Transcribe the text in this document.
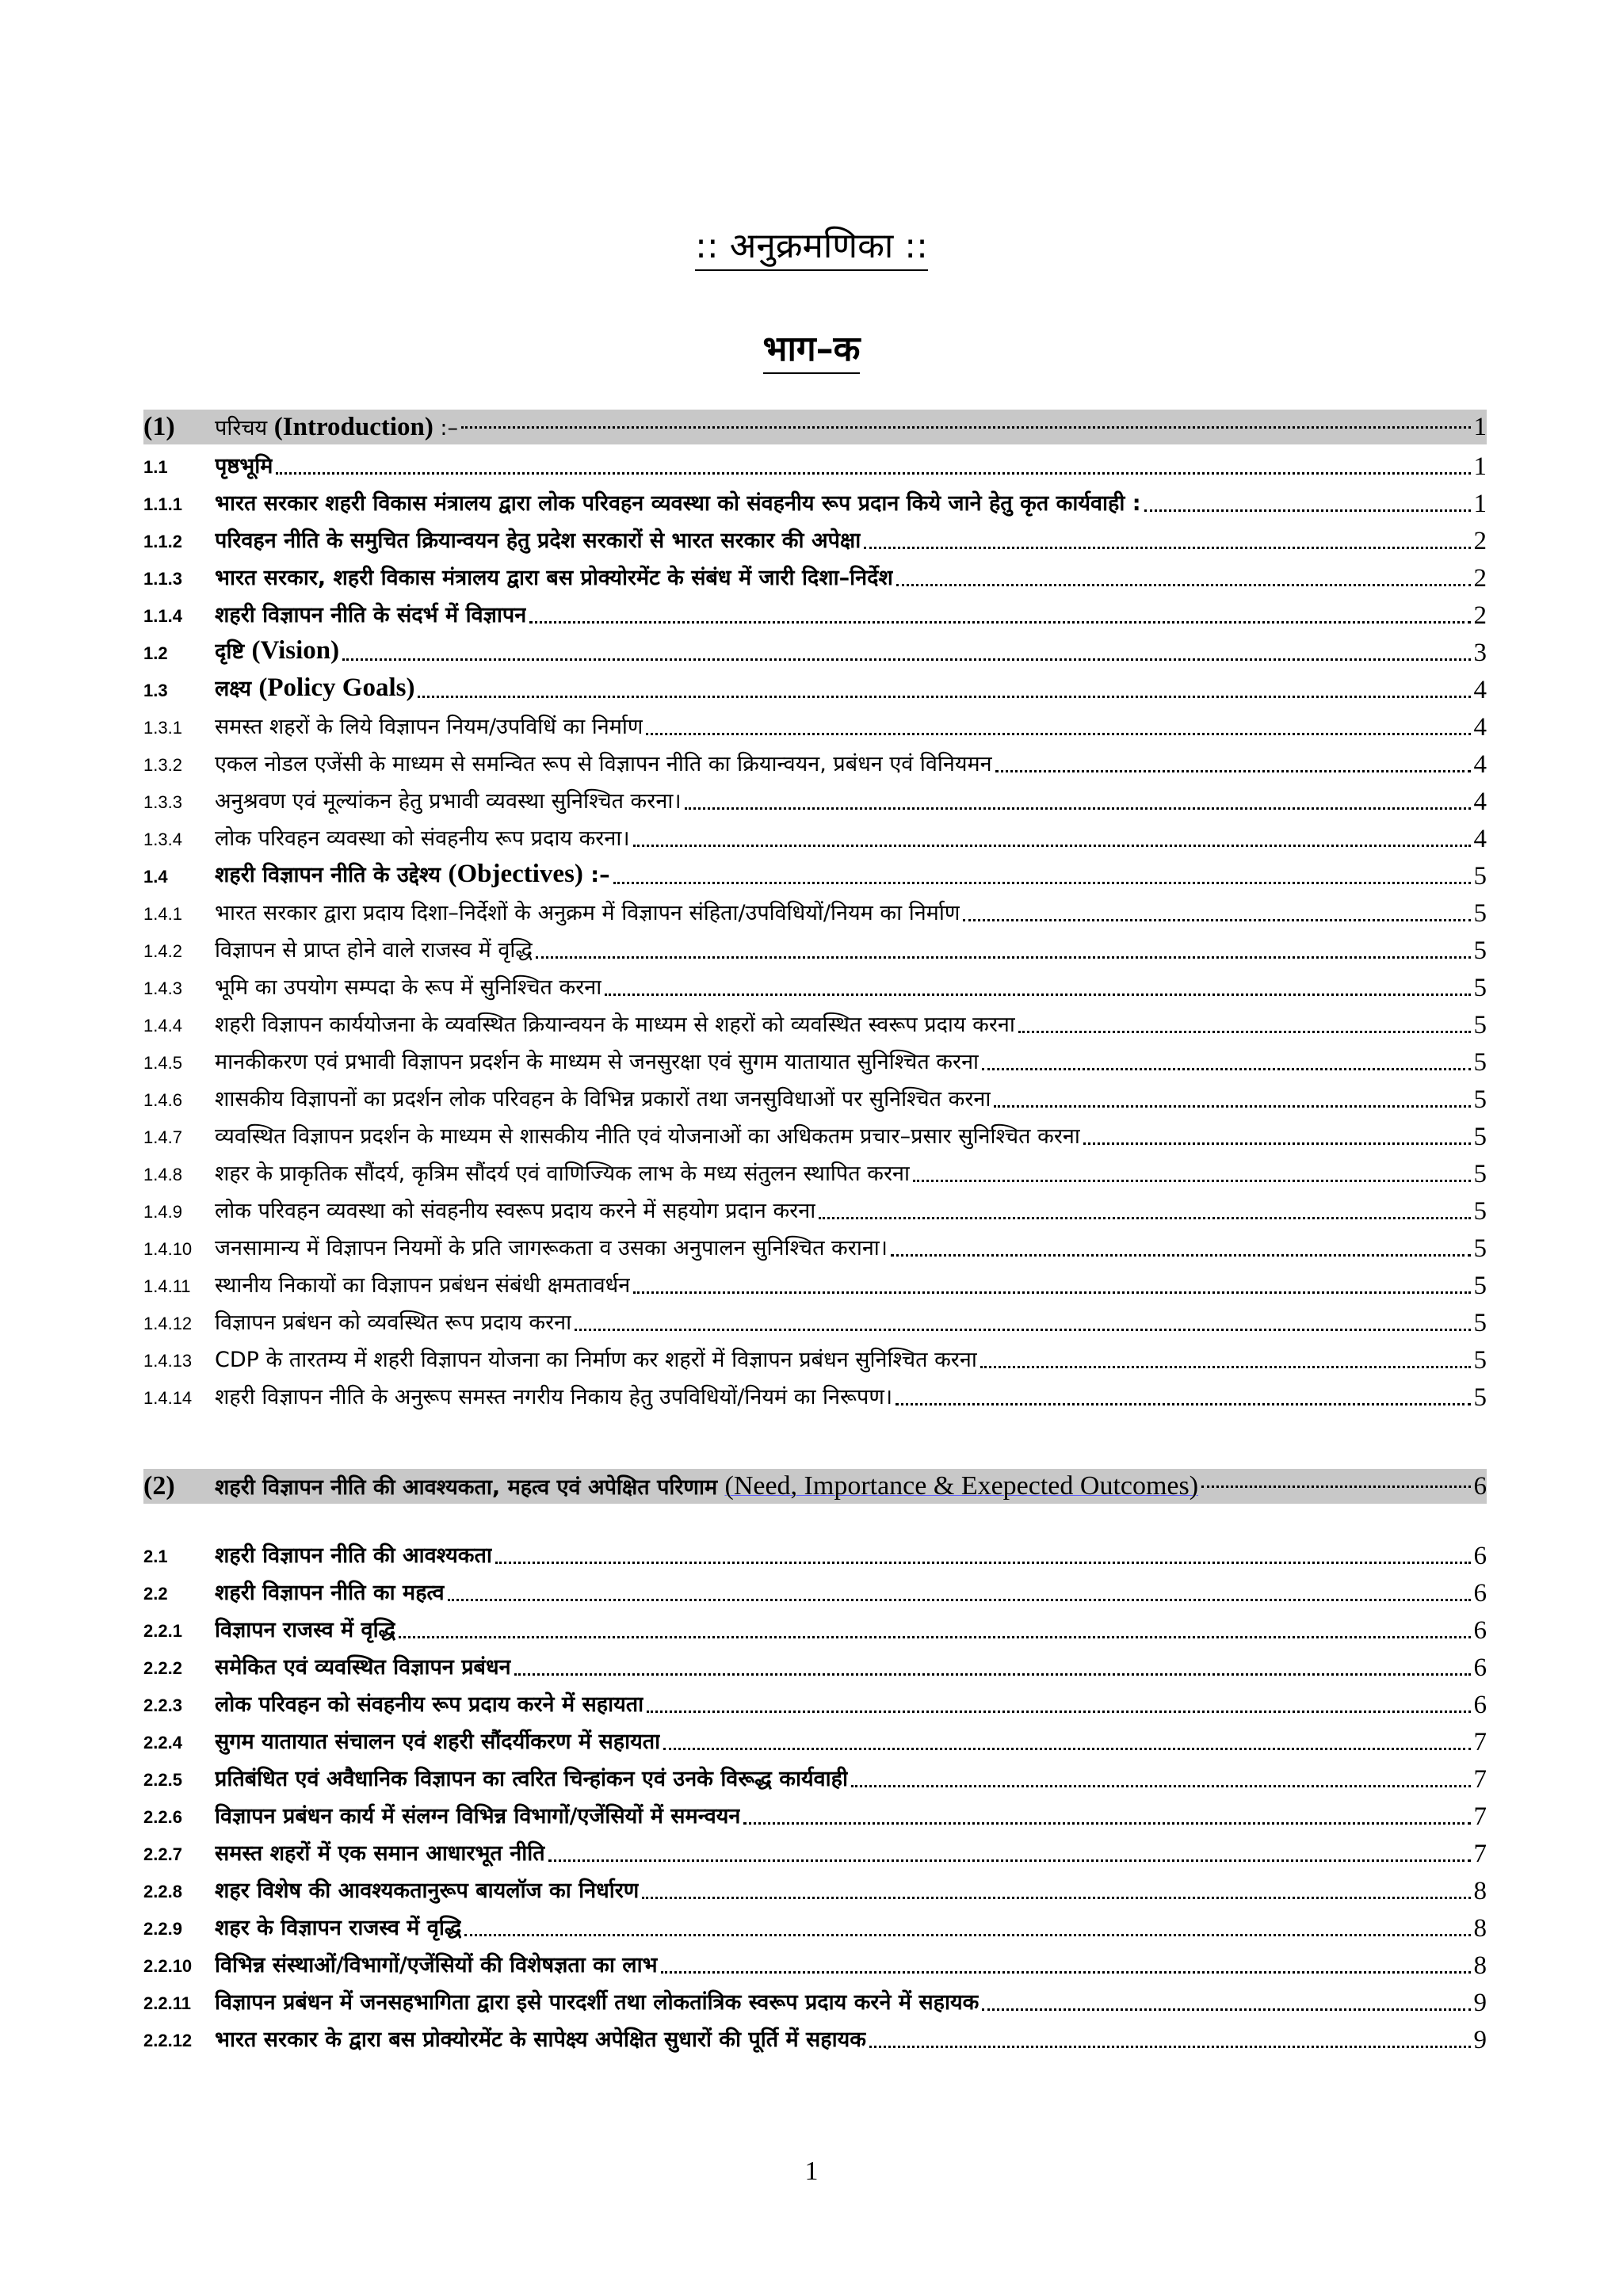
:: अनुक्रमणिका ::
भाग–क
(1)	परिचय (Introduction) :–	1
1.1	पृष्ठभूमि	1
1.1.1	भारत सरकार शहरी विकास मंत्रालय द्वारा लोक परिवहन व्यवस्था को संवहनीय रूप प्रदान किये जाने हेतु कृत कार्यवाही :	1
1.1.2	परिवहन नीति के समुचित क्रियान्वयन हेतु प्रदेश सरकारों से भारत सरकार की अपेक्षा	2
1.1.3	भारत सरकार, शहरी विकास मंत्रालय द्वारा बस प्रोक्योरमेंट के संबंध में जारी दिशा–निर्देश	2
1.1.4	शहरी विज्ञापन नीति के संदर्भ में विज्ञापन	2
1.2	दृष्टि (Vision)	3
1.3	लक्ष्य (Policy Goals)	4
1.3.1	समस्त शहरों के लिये विज्ञापन नियम/उपविधिं का निर्माण	4
1.3.2	एकल नोडल एजेंसी के माध्यम से समन्वित रूप से विज्ञापन नीति का क्रियान्वयन, प्रबंधन एवं विनियमन	4
1.3.3	अनुश्रवण एवं मूल्यांकन हेतु प्रभावी व्यवस्था सुनिश्चित करना।	4
1.3.4	लोक परिवहन व्यवस्था को संवहनीय रूप प्रदाय करना।	4
1.4	शहरी विज्ञापन नीति के उद्देश्य (Objectives) :–	5
1.4.1	भारत सरकार द्वारा प्रदाय दिशा–निर्देशों के अनुक्रम में विज्ञापन संहिता/उपविधियों/नियम का निर्माण	5
1.4.2	विज्ञापन से प्राप्त होने वाले राजस्व में वृद्धि	5
1.4.3	भूमि का उपयोग सम्पदा के रूप में सुनिश्चित करना	5
1.4.4	शहरी विज्ञापन कार्ययोजना के व्यवस्थित क्रियान्वयन के माध्यम से शहरों को व्यवस्थित स्वरूप प्रदाय करना	5
1.4.5	मानकीकरण एवं प्रभावी विज्ञापन प्रदर्शन के माध्यम से जनसुरक्षा एवं सुगम यातायात सुनिश्चित करना	5
1.4.6	शासकीय विज्ञापनों का प्रदर्शन लोक परिवहन के विभिन्न प्रकारों तथा जनसुविधाओं पर सुनिश्चित करना	5
1.4.7	व्यवस्थित विज्ञापन प्रदर्शन के माध्यम से शासकीय नीति एवं योजनाओं का अधिकतम प्रचार–प्रसार सुनिश्चित करना	5
1.4.8	शहर के प्राकृतिक सौंदर्य, कृत्रिम सौंदर्य एवं वाणिज्यिक लाभ के मध्य संतुलन स्थापित करना	5
1.4.9	लोक परिवहन व्यवस्था को संवहनीय स्वरूप प्रदाय करने में सहयोग प्रदान करना	5
1.4.10	जनसामान्य में विज्ञापन नियमों के प्रति जागरूकता व उसका अनुपालन सुनिश्चित कराना।	5
1.4.11	स्थानीय निकायों का विज्ञापन प्रबंधन संबंधी क्षमतावर्धन	5
1.4.12	विज्ञापन प्रबंधन को व्यवस्थित रूप प्रदाय करना	5
1.4.13	CDP के तारतम्य में शहरी विज्ञापन योजना का निर्माण कर शहरों में विज्ञापन प्रबंधन सुनिश्चित करना	5
1.4.14	शहरी विज्ञापन नीति के अनुरूप समस्त नगरीय निकाय हेतु उपविधियों/नियमं का निरूपण।	5
(2)	शहरी विज्ञापन नीति की आवश्यकता, महत्व एवं अपेक्षित परिणाम (Need, Importance & Exepected Outcomes)	6
2.1	शहरी विज्ञापन नीति की आवश्यकता	6
2.2	शहरी विज्ञापन नीति का महत्व	6
2.2.1	विज्ञापन राजस्व में वृद्धि	6
2.2.2	समेकित एवं व्यवस्थित विज्ञापन प्रबंधन	6
2.2.3	लोक परिवहन को संवहनीय रूप प्रदाय करने में सहायता	6
2.2.4	सुगम यातायात संचालन एवं शहरी सौंदर्यीकरण में सहायता	7
2.2.5	प्रतिबंधित एवं अवैधानिक विज्ञापन का त्वरित चिन्हांकन एवं उनके विरूद्ध कार्यवाही	7
2.2.6	विज्ञापन प्रबंधन कार्य में संलग्न विभिन्न विभागों/एजेंसियों में समन्वयन	7
2.2.7	समस्त शहरों में एक समान आधारभूत नीति	7
2.2.8	शहर विशेष की आवश्यकतानुरूप बायलॉज का निर्धारण	8
2.2.9	शहर के विज्ञापन राजस्व में वृद्धि	8
2.2.10	विभिन्न संस्थाओं/विभागों/एजेंसियों की विशेषज्ञता का लाभ	8
2.2.11	विज्ञापन प्रबंधन में जनसहभागिता द्वारा इसे पारदर्शी तथा लोकतांत्रिक स्वरूप प्रदाय करने में सहायक	9
2.2.12	भारत सरकार के द्वारा बस प्रोक्योरमेंट के सापेक्ष्य अपेक्षित सुधारों की पूर्ति में सहायक	9
1
